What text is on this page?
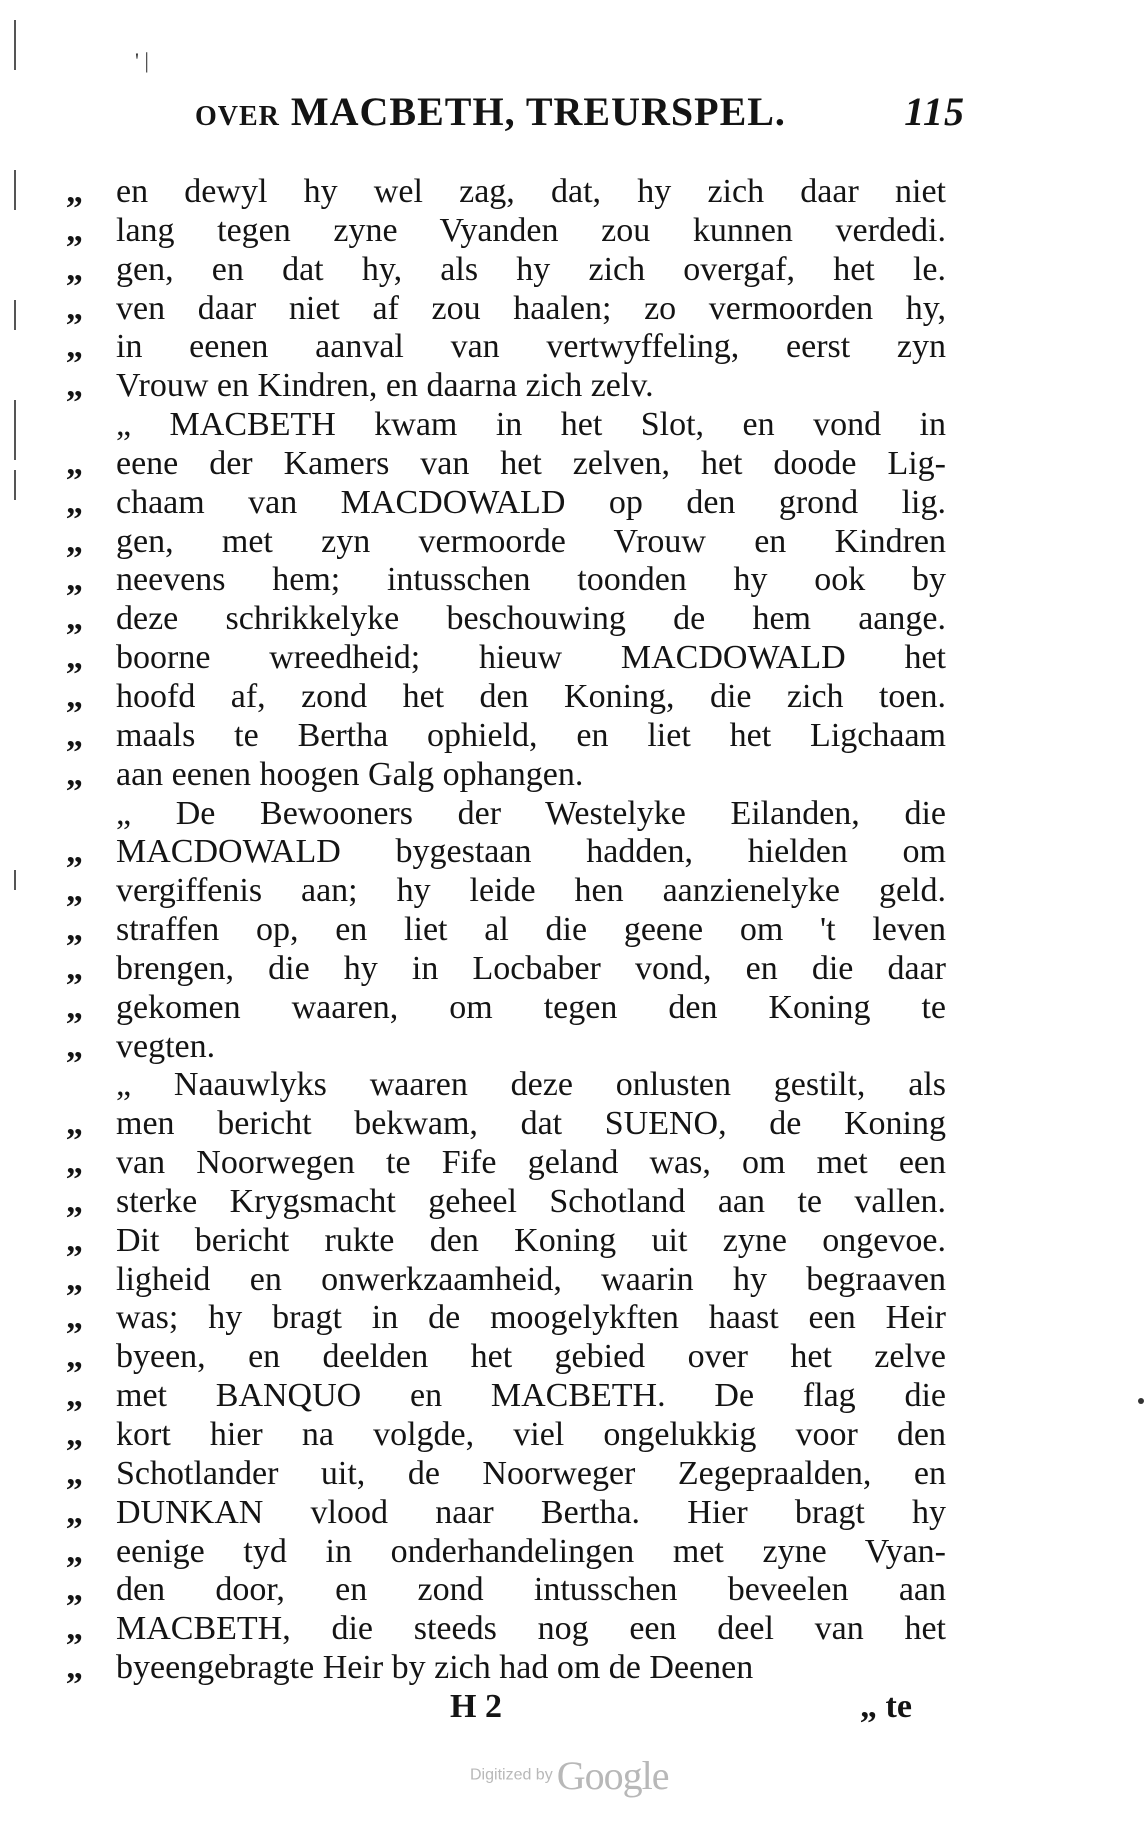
' |
OVER MACBETH, TREURSPEL.	115
„ en dewyl hy wel zag, dat, hy zich daar niet
„ lang tegen zyne Vyanden zou kunnen verdedi.
„ gen, en dat hy, als hy zich overgaf, het le.
„ ven daar niet af zou haalen; zo vermoorden hy,
„ in eenen aanval van vertwyffeling, eerst zyn
„ Vrouw en Kindren, en daarna zich zelv.
„ MACBETH kwam in het Slot, en vond in
„ eene der Kamers van het zelven, het doode Lig-
„ chaam van MACDOWALD op den grond lig.
„ gen, met zyn vermoorde Vrouw en Kindren
„ neevens hem; intusschen toonden hy ook by
„ deze schrikkelyke beschouwing de hem aange.
„ boorne wreedheid; hieuw MACDOWALD het
„ hoofd af, zond het den Koning, die zich toen.
„ maals te Bertha ophield, en liet het Ligchaam
„ aan eenen hoogen Galg ophangen.
„ De Bewooners der Westelyke Eilanden, die
„ MACDOWALD bygestaan hadden, hielden om
„ vergiffenis aan; hy leide hen aanzienelyke geld.
„ straffen op, en liet al die geene om 't leven
„ brengen, die hy in Locbaber vond, en die daar
„ gekomen waaren, om tegen den Koning te
„ vegten.
„ Naauwlyks waaren deze onlusten gestilt, als
„ men bericht bekwam, dat SUENO, de Koning
„ van Noorwegen te Fife geland was, om met een
„ sterke Krygsmacht geheel Schotland aan te vallen.
„ Dit bericht rukte den Koning uit zyne ongevoe.
„ ligheid en onwerkzaamheid, waarin hy begraaven
„ was; hy bragt in de moogelykften haast een Heir
„ byeen, en deelden het gebied over het zelve
„ met BANQUO en MACBETH. De flag die
„ kort hier na volgde, viel ongelukkig voor den
„ Schotlander uit, de Noorweger Zegepraalden, en
„ DUNKAN vlood naar Bertha. Hier bragt hy
„ eenige tyd in onderhandelingen met zyne Vyan-
„ den door, en zond intusschen beveelen aan
„ MACBETH, die steeds nog een deel van het
„ byeengebragte Heir by zich had om de Deenen
H 2	„ te
Digitized by Google
